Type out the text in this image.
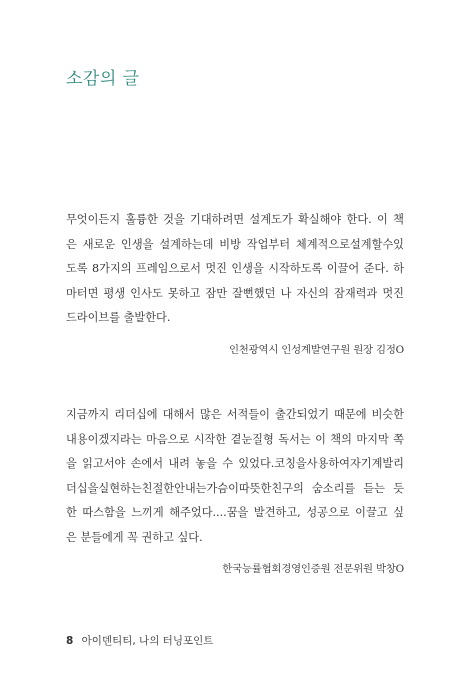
소감의 글

무엇이든지 훌륭한 것을 기대하려면 설계도가 확실해야 한다. 이 책
은 새로운 인생을 설계하는데 비방 작업부터 체계적으로설계할수있
도록 8가지의 프레임으로서 멋진 인생을 시작하도록 이끌어 준다. 하
마터면 평생 인사도 못하고 잠만 잘뻔했던 나 자신의 잠재력과 멋진
드라이브를 출발한다.

인천광역시 인성계발연구원 원장 김정O

지금까지 리더십에 대해서 많은 서적들이 출간되었기 때문에 비슷한
내용이겠지라는 마음으로 시작한 곁눈질형 독서는 이 책의 마지막 쪽
을 읽고서야 손에서 내려 놓을 수 있었다.코칭을사용하여자기계발리
더십을실현하는친절한안내는가슴이따뜻한친구의 숨소리를 듣는 듯
한 따스함을 느끼게 해주었다....꿈을 발견하고, 성공으로 이끌고 싶
은 분들에게 꼭 권하고 싶다.

한국능률협회경영인증원 전문위원 박창O
8 아이덴티티, 나의 터닝포인트
